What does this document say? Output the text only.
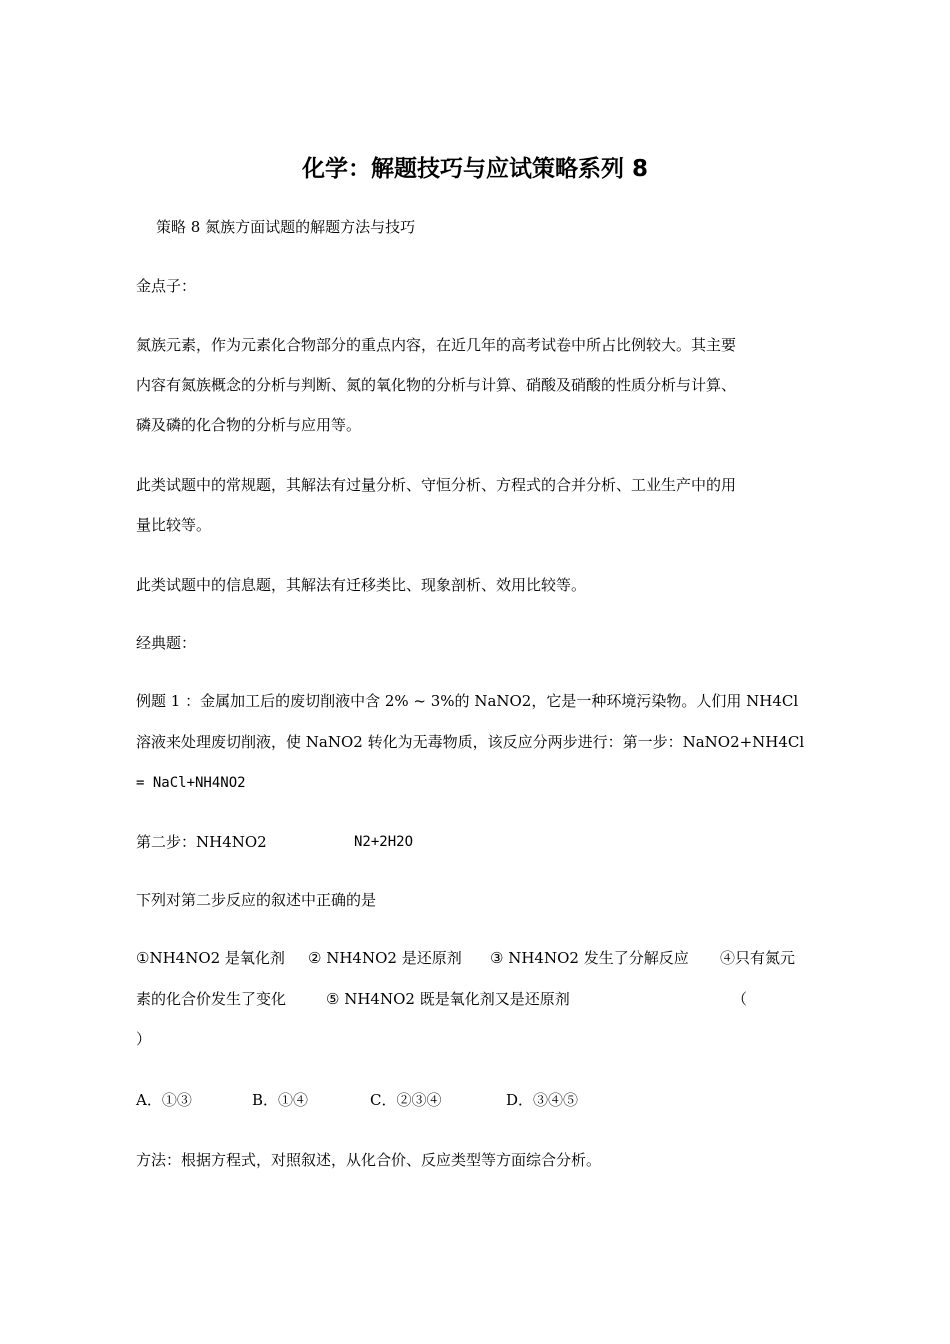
化学：解题技巧与应试策略系列 8
策略 8 氮族方面试题的解题方法与技巧
金点子：
氮族元素，作为元素化合物部分的重点内容，在近几年的高考试卷中所占比例较大。其主要
内容有氮族概念的分析与判断、氮的氧化物的分析与计算、硝酸及硝酸的性质分析与计算、
磷及磷的化合物的分析与应用等。
此类试题中的常规题，其解法有过量分析、守恒分析、方程式的合并分析、工业生产中的用
量比较等。
此类试题中的信息题，其解法有迁移类比、现象剖析、效用比较等。
经典题：
例题 1 ：金属加工后的废切削液中含 2% ~ 3%的 NaNO2，它是一种环境污染物。人们用 NH4Cl
溶液来处理废切削液，使 NaNO2 转化为无毒物质，该反应分两步进行：第一步：NaNO2+NH4Cl
= NaCl+NH4NO2
第二步：NH4NO2	N2+2H2O
下列对第二步反应的叙述中正确的是
①NH4NO2 是氧化剂 ② NH4NO2 是还原剂 ③ NH4NO2 发生了分解反应 ④只有氮元
素的化合价发生了变化	⑤ NH4NO2 既是氧化剂又是还原剂	（
）
A．①③	B．①④	C．②③④	D．③④⑤
方法：根据方程式，对照叙述，从化合价、反应类型等方面综合分析。
